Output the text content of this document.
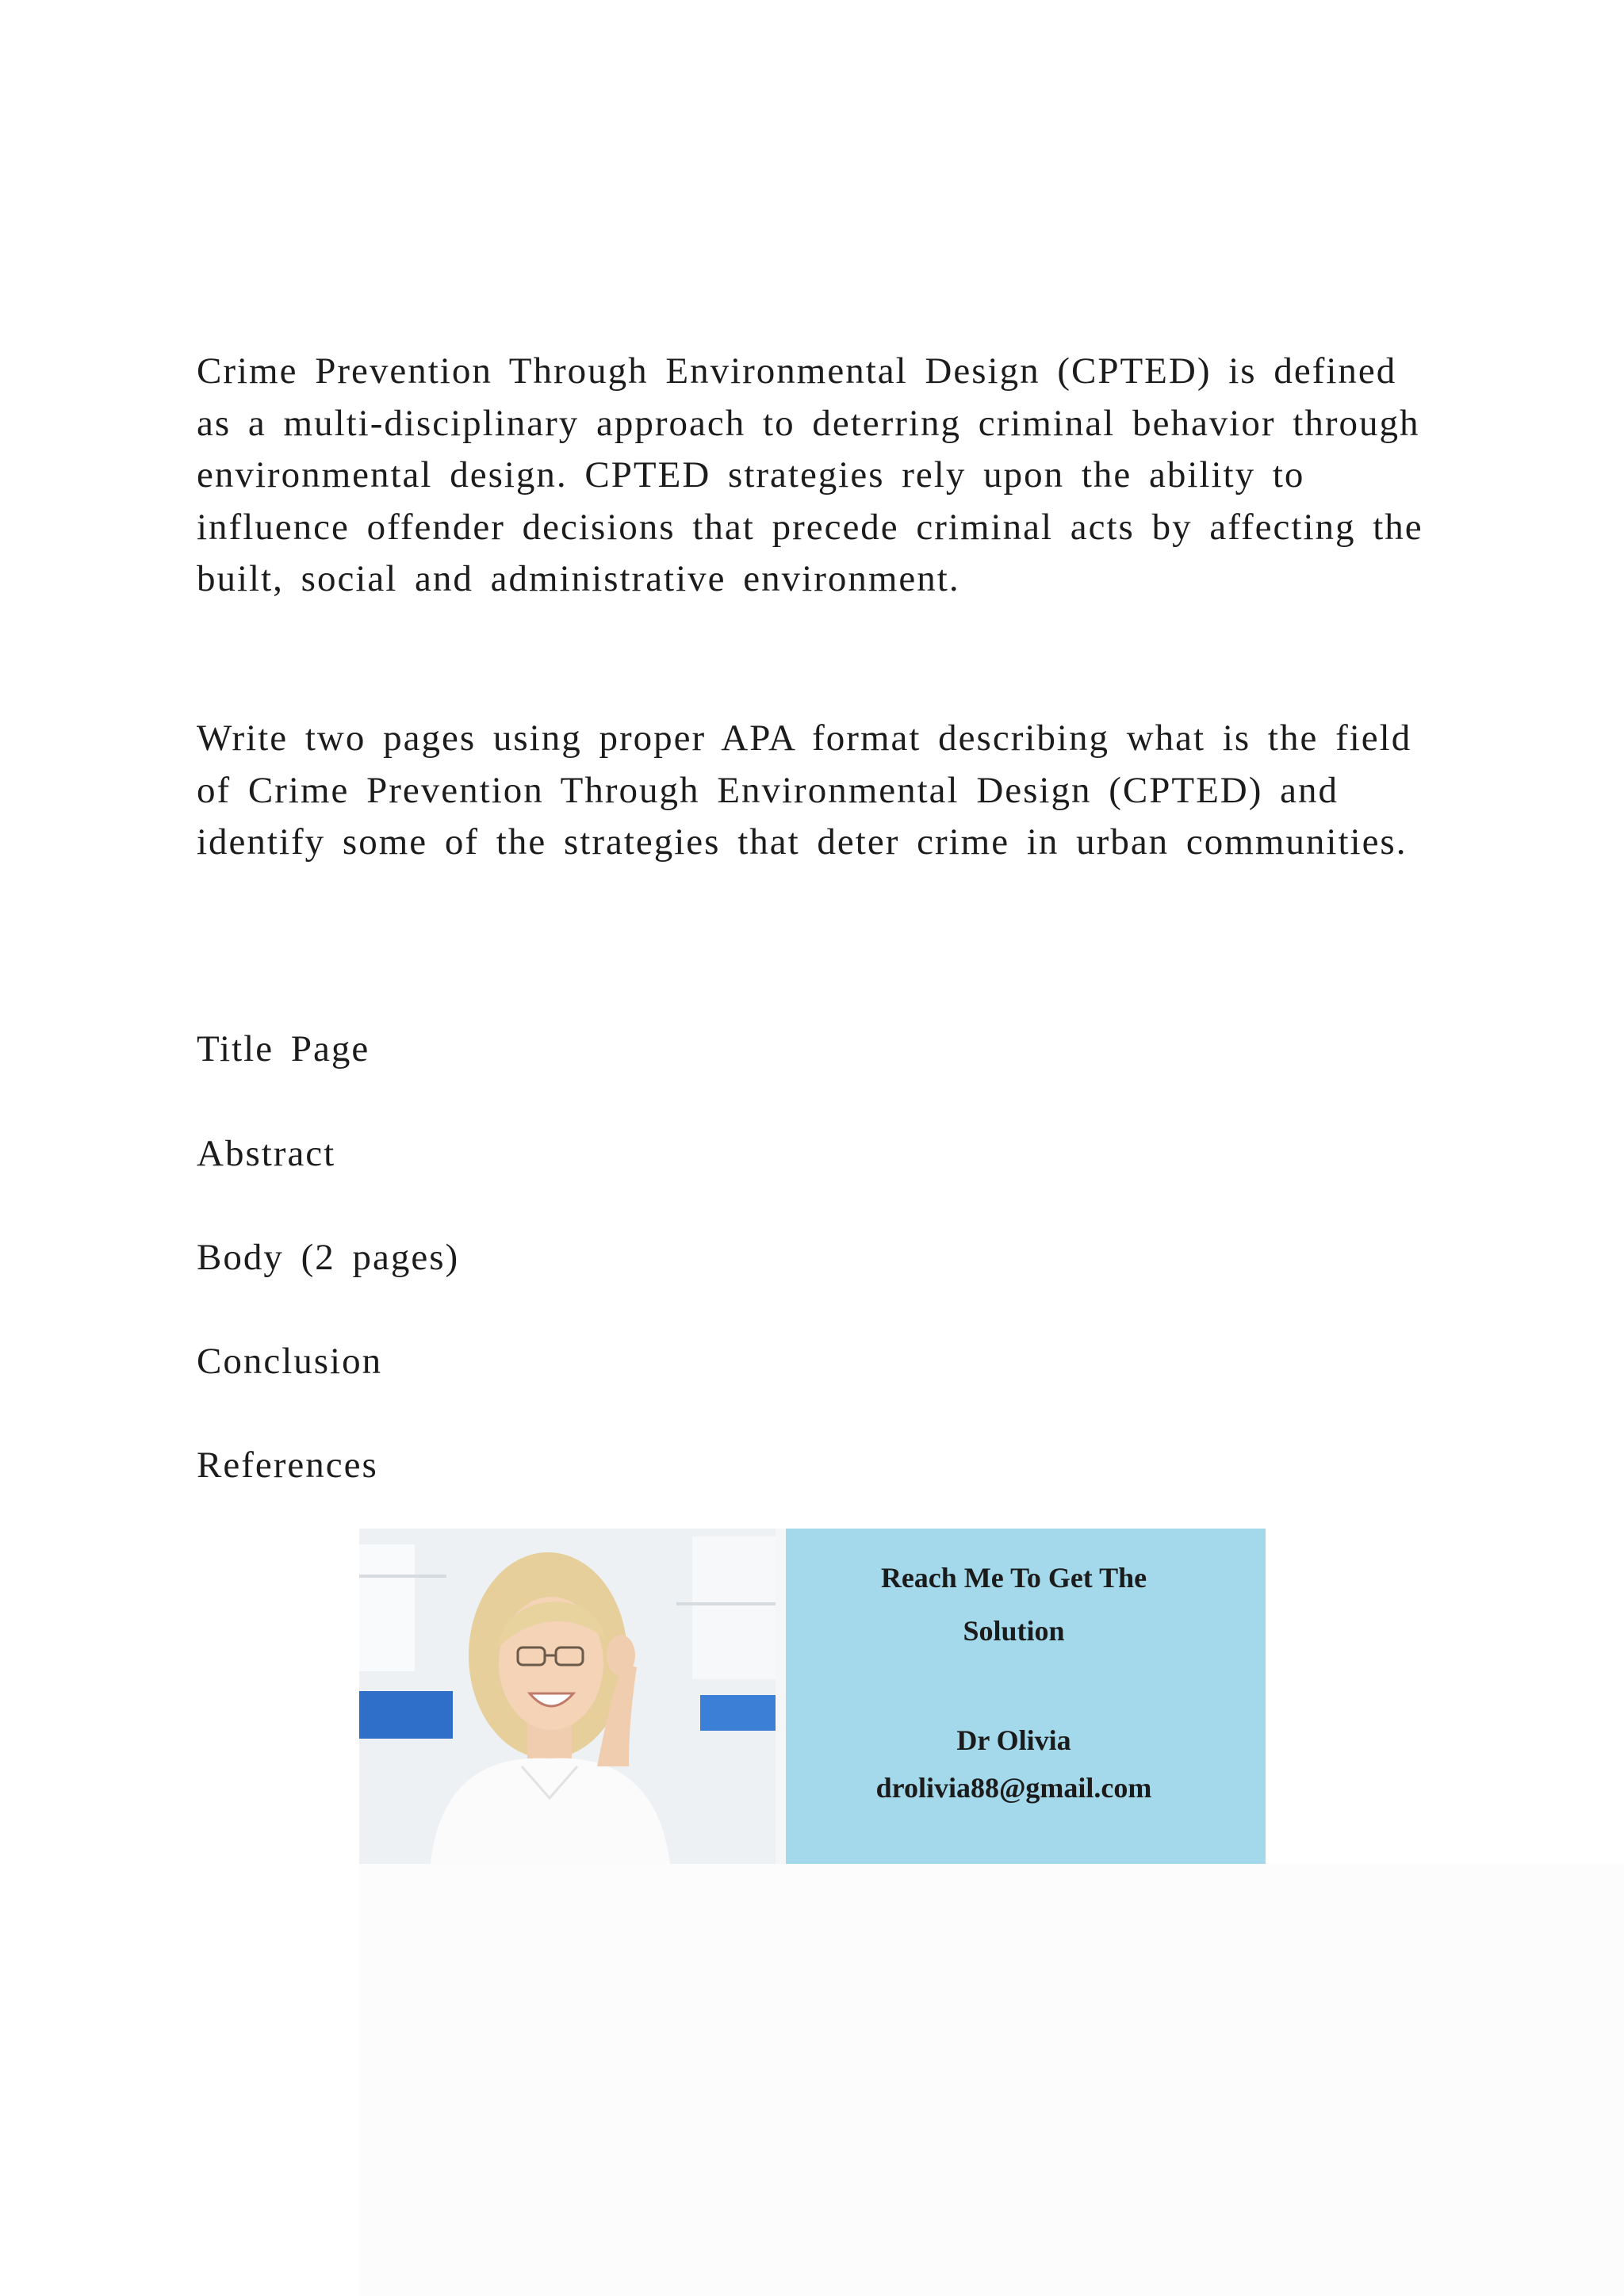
Crime Prevention Through Environmental Design (CPTED) is defined as a multi-disciplinary approach to deterring criminal behavior through environmental design. CPTED strategies rely upon the ability to influence offender decisions that precede criminal acts by affecting the built, social and administrative environment.

Write two pages using proper APA format describing what is the field of Crime Prevention Through Environmental Design (CPTED) and identify some of the strategies that deter crime in urban communities.

Title Page

Abstract

Body (2 pages)

Conclusion

References

Reach Me To Get The
Solution
Dr Olivia
drolivia88@gmail.com
